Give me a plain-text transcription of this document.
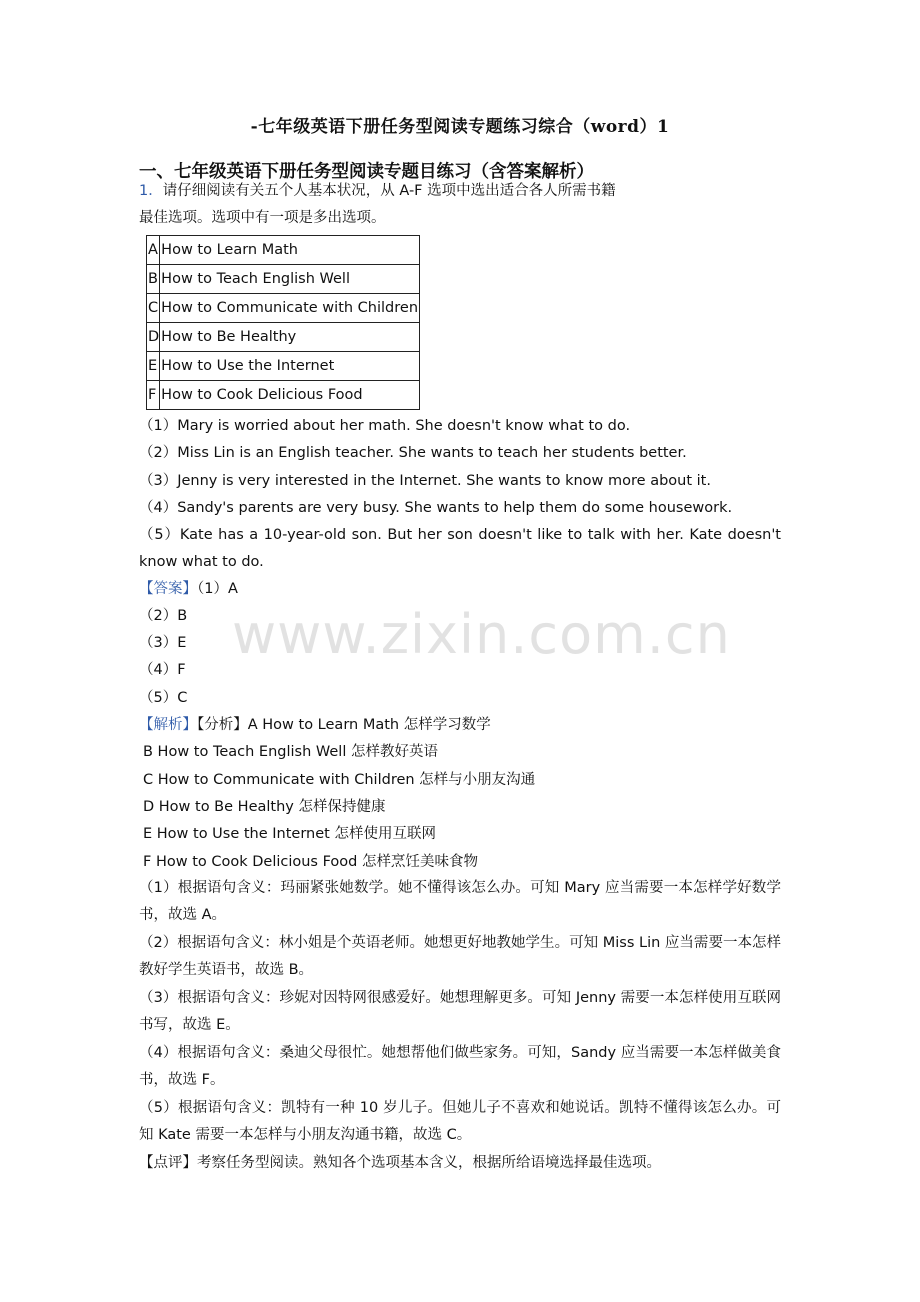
-七年级英语下册任务型阅读专题练习综合（word）1
一、七年级英语下册任务型阅读专题目练习（含答案解析）
1．请仔细阅读有关五个人基本状况，从 A-F 选项中选出适合各人所需书籍
最佳选项。选项中有一项是多出选项。
A	How to Learn Math
B	How to Teach English Well
C	How to Communicate with Children
D	How to Be Healthy
E	How to Use the Internet
F	How to Cook Delicious Food
（1）Mary is worried about her math. She doesn't know what to do.
（2）Miss Lin is an English teacher. She wants to teach her students better.
（3）Jenny is very interested in the Internet. She wants to know more about it.
（4）Sandy's parents are very busy. She wants to help them do some housework.
（5）Kate has a 10-year-old son. But her son doesn't like to talk with her. Kate doesn't know what to do.
【答案】（1）A
（2）B
（3）E
（4）F
（5）C
【解析】【分析】A How to Learn Math 怎样学习数学
B How to Teach English Well 怎样教好英语
C How to Communicate with Children 怎样与小朋友沟通
D How to Be Healthy 怎样保持健康
E How to Use the Internet 怎样使用互联网
F How to Cook Delicious Food 怎样烹饪美味食物
（1）根据语句含义：玛丽紧张她数学。她不懂得该怎么办。可知 Mary 应当需要一本怎样学好数学书，故选 A。
（2）根据语句含义：林小姐是个英语老师。她想更好地教她学生。可知 Miss Lin 应当需要一本怎样教好学生英语书，故选 B。
（3）根据语句含义：珍妮对因特网很感爱好。她想理解更多。可知 Jenny 需要一本怎样使用互联网书写，故选 E。
（4）根据语句含义：桑迪父母很忙。她想帮他们做些家务。可知，Sandy 应当需要一本怎样做美食书，故选 F。
（5）根据语句含义：凯特有一种 10 岁儿子。但她儿子不喜欢和她说话。凯特不懂得该怎么办。可知 Kate 需要一本怎样与小朋友沟通书籍，故选 C。
【点评】考察任务型阅读。熟知各个选项基本含义，根据所给语境选择最佳选项。
www.zixin.com.cn
